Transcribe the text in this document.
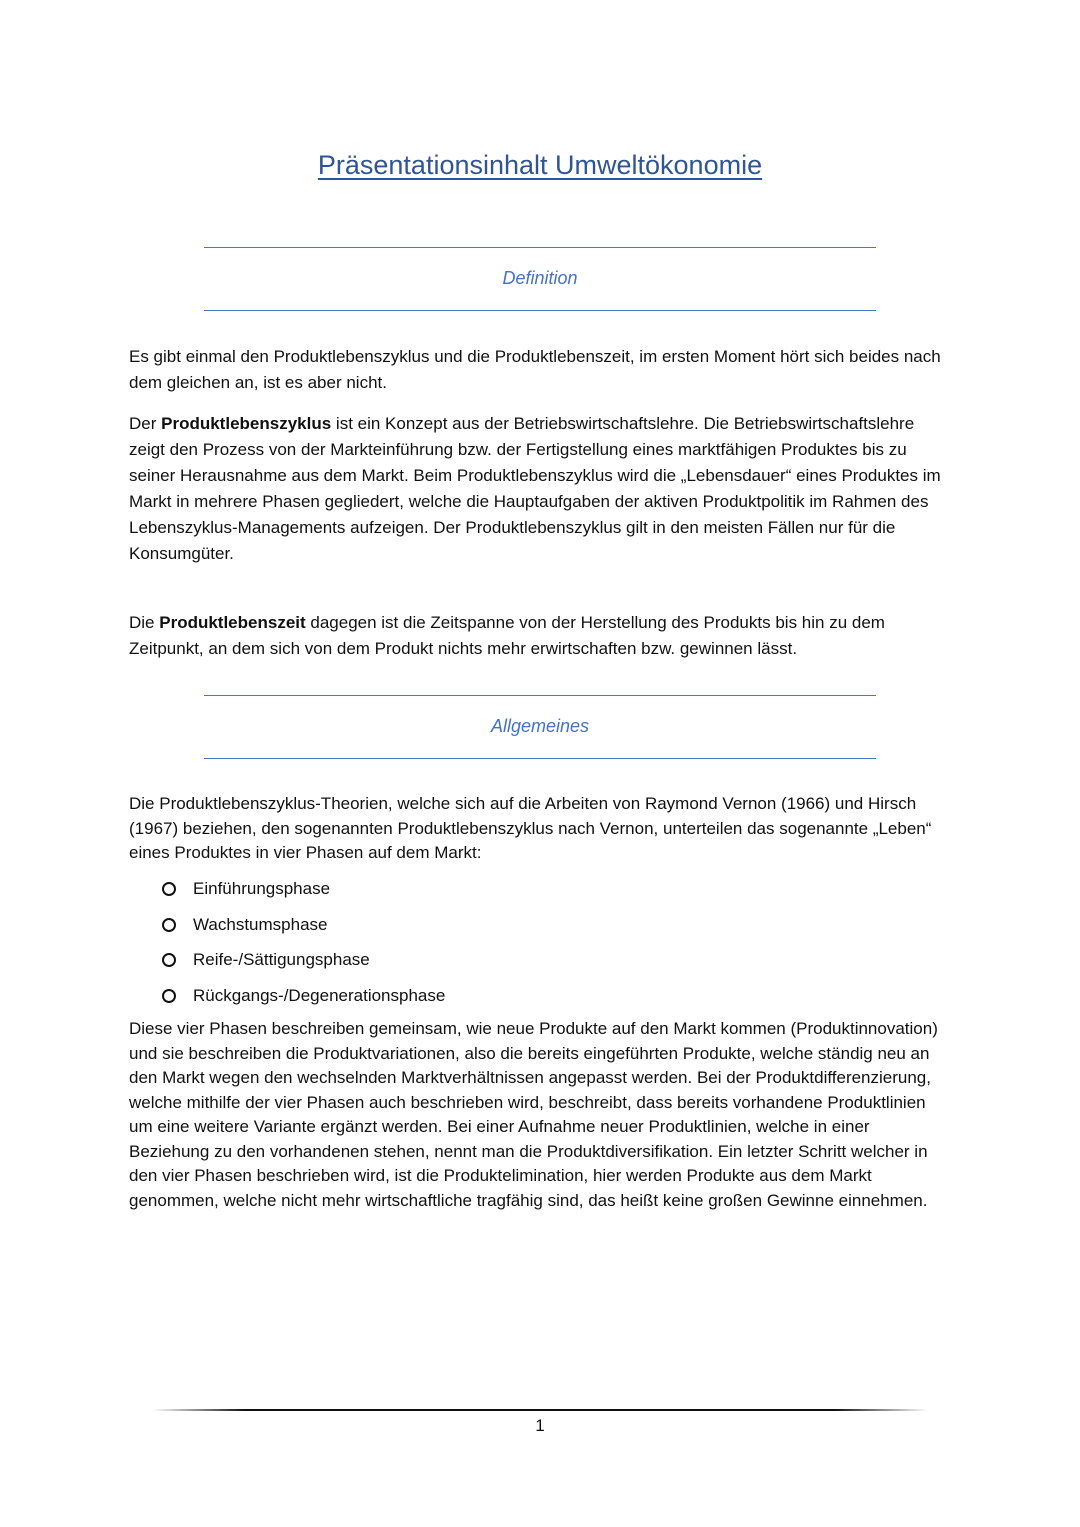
Präsentationsinhalt Umweltökonomie
Definition

Es gibt einmal den Produktlebenszyklus und die Produktlebenszeit, im ersten Moment hört sich beides nach dem gleichen an, ist es aber nicht.

Der Produktlebenszyklus ist ein Konzept aus der Betriebswirtschaftslehre. Die Betriebswirtschaftslehre zeigt den Prozess von der Markteinführung bzw. der Fertigstellung eines marktfähigen Produktes bis zu seiner Herausnahme aus dem Markt. Beim Produktlebenszyklus wird die „Lebensdauer“ eines Produktes im Markt in mehrere Phasen gegliedert, welche die Hauptaufgaben der aktiven Produktpolitik im Rahmen des Lebenszyklus-Managements aufzeigen. Der Produktlebenszyklus gilt in den meisten Fällen nur für die Konsumgüter.

Die Produktlebenszeit dagegen ist die Zeitspanne von der Herstellung des Produkts bis hin zu dem Zeitpunkt, an dem sich von dem Produkt nichts mehr erwirtschaften bzw. gewinnen lässt.

Allgemeines

Die Produktlebenszyklus-Theorien, welche sich auf die Arbeiten von Raymond Vernon (1966) und Hirsch (1967) beziehen, den sogenannten Produktlebenszyklus nach Vernon, unterteilen das sogenannte „Leben“ eines Produktes in vier Phasen auf dem Markt:

Einführungsphase
Wachstumsphase
Reife-/Sättigungsphase
Rückgangs-/Degenerationsphase

Diese vier Phasen beschreiben gemeinsam, wie neue Produkte auf den Markt kommen (Produktinnovation) und sie beschreiben die Produktvariationen, also die bereits eingeführten Produkte, welche ständig neu an den Markt wegen den wechselnden Marktverhältnissen angepasst werden. Bei der Produktdifferenzierung, welche mithilfe der vier Phasen auch beschrieben wird, beschreibt, dass bereits vorhandene Produktlinien um eine weitere Variante ergänzt werden. Bei einer Aufnahme neuer Produktlinien, welche in einer Beziehung zu den vorhandenen stehen, nennt man die Produktdiversifikation. Ein letzter Schritt welcher in den vier Phasen beschrieben wird, ist die Produktelimination, hier werden Produkte aus dem Markt genommen, welche nicht mehr wirtschaftliche tragfähig sind, das heißt keine großen Gewinne einnehmen.

1
